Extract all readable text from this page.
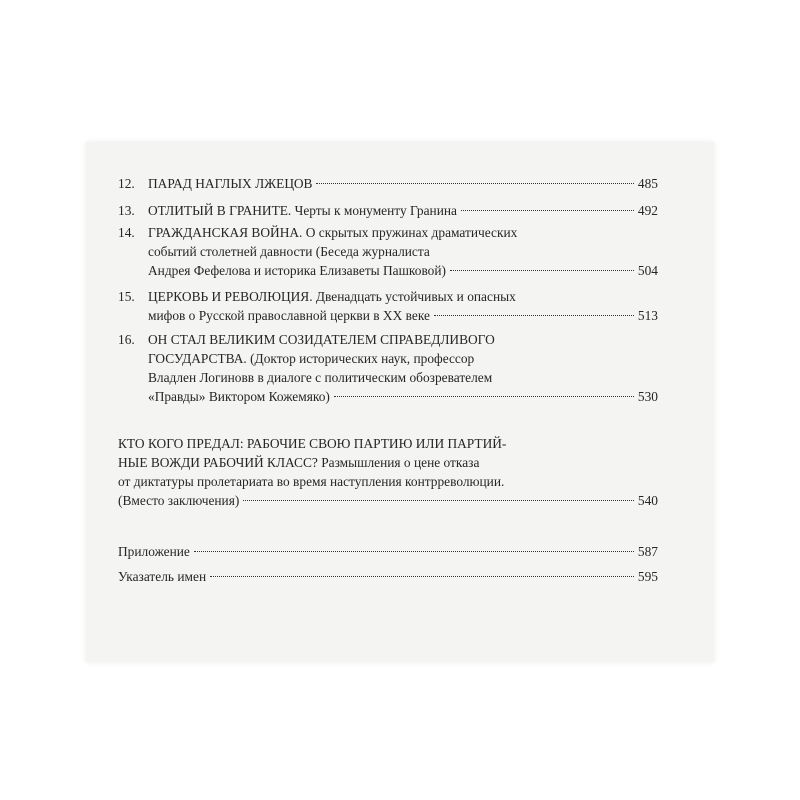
12. ПАРАД НАГЛЫХ ЛЖЕЦОВ	485
13. ОТЛИТЫЙ В ГРАНИТЕ. Черты к монументу Гранина	492
14. ГРАЖДАНСКАЯ ВОЙНА. О скрытых пружинах драматических
событий столетней давности (Беседа журналиста
Андрея Фефелова и историка Елизаветы Пашковой)	504
15. ЦЕРКОВЬ И РЕВОЛЮЦИЯ. Двенадцать устойчивых и опасных
мифов о Русской православной церкви в XX веке	513
16. ОН СТАЛ ВЕЛИКИМ СОЗИДАТЕЛЕМ СПРАВЕДЛИВОГО
ГОСУДАРСТВА. (Доктор исторических наук, профессор
Владлен Логиновв в диалоге с политическим обозревателем
«Правды» Виктором Кожемяко)	530
КТО КОГО ПРЕДАЛ: РАБОЧИЕ СВОЮ ПАРТИЮ ИЛИ ПАРТИЙ-
НЫЕ ВОЖДИ РАБОЧИЙ КЛАСС? Размышления о цене отказа
от диктатуры пролетариата во время наступления контрреволюции.
(Вместо заключения)	540
Приложение	587
Указатель имен	595
